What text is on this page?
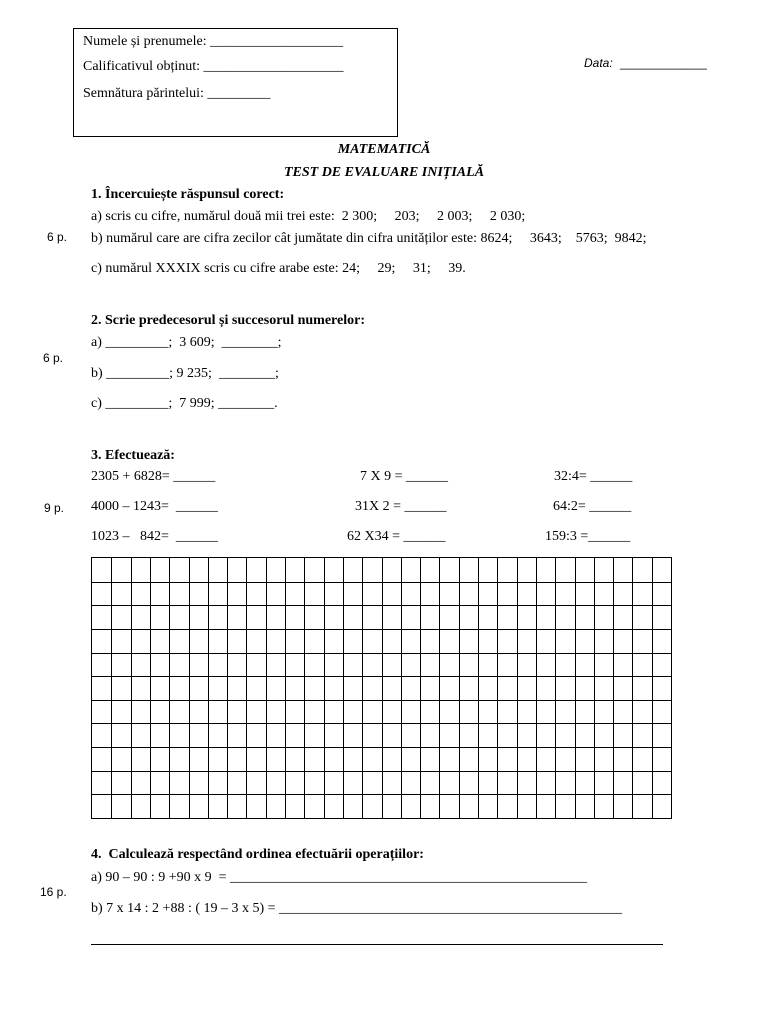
Numele și prenumele: ___________________
Calificativul obținut: ____________________
Semnătura părintelui: _________
Data: _____________
MATEMATICĂ
TEST DE EVALUARE INIȚIALĂ
1. Încercuiește răspunsul corect:
a) scris cu cifre, numărul două mii trei este:  2 300;     203;     2 003;     2 030;
6 p. b) numărul care are cifra zecilor cât jumătate din cifra unităților este: 8624;     3643;    5763;  9842;
c) numărul XXXIX scris cu cifre arabe este: 24;     29;     31;     39.
2. Scrie predecesorul și succesorul numerelor:
a) _________;  3 609;  ________;
6 p.
b) _________; 9 235;  ________;
c) _________;  7 999; ________.
3. Efectuează:
2305 + 6828= ______	7 X 9 = ______	32:4= ______
9 p. 4000 – 1243=  ______	31X 2 = ______	64:2= ______
1023 –   842=  ______	62 X34 = ______	159:3 =______
4.  Calculează respectând ordinea efectuării operațiilor:
a) 90 – 90 : 9 +90 x 9  = ___________________________________________________
16 p.
b) 7 x 14 : 2 +88 : ( 19 – 3 x 5) = _________________________________________________
